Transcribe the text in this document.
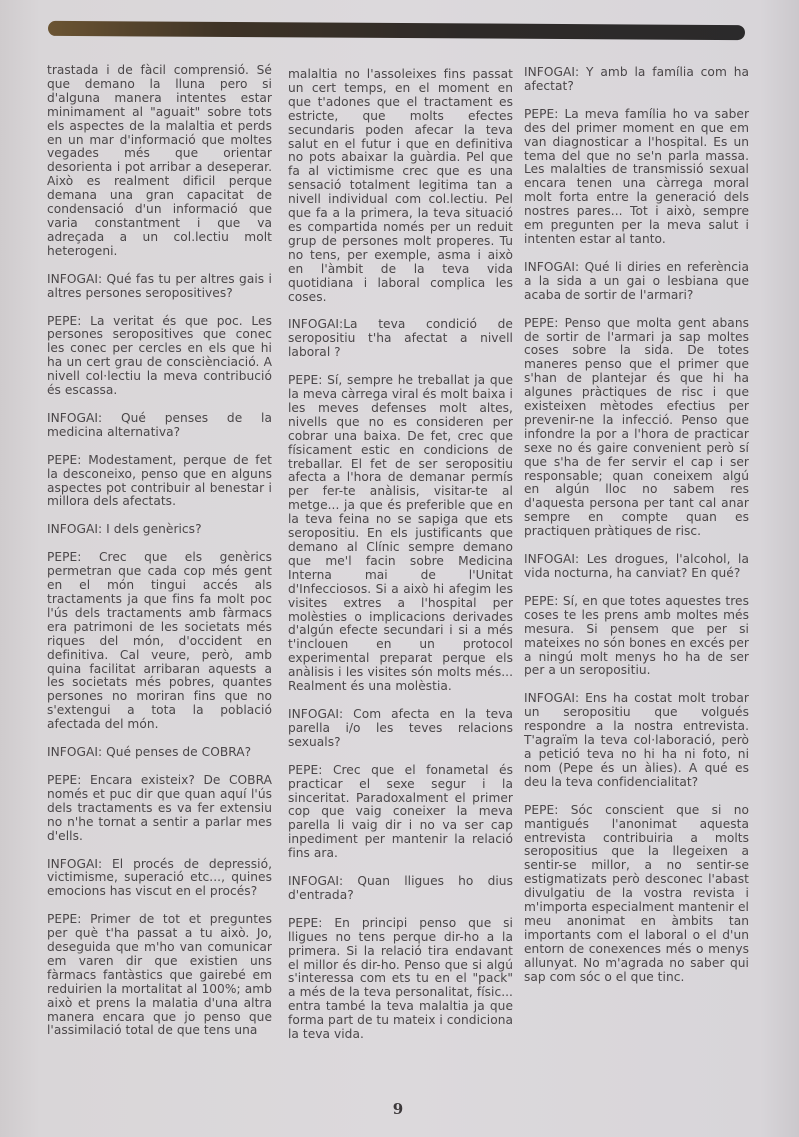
trastada i de fàcil comprensió. Sé que demano la lluna pero si d'alguna manera intentes estar minimament al "aguait" sobre tots els aspectes de la malaltia et perds en un mar d'informació que moltes vegades més que orientar desorienta i pot arribar a deseperar. Això es realment dificil perque demana una gran capacitat de condensació d'un informació que varia constantment i que va adreçada a un col.lectiu molt heterogeni.

INFOGAI: Qué fas tu per altres gais i altres persones seropositives?

PEPE: La veritat és que poc. Les persones seropositives que conec les conec per cercles en els que hi ha un cert grau de consciènciació. A nivell col·lectiu la meva contribució és escassa.

INFOGAI: Qué penses de la medicina alternativa?

PEPE: Modestament, perque de fet la desconeixo, penso que en alguns aspectes pot contribuir al benestar i millora dels afectats.

INFOGAI: I dels genèrics?

PEPE: Crec que els genèrics permetran que cada cop més gent en el món tingui accés als tractaments ja que fins fa molt poc l'ús dels tractaments amb fàrmacs era patrimoni de les societats més riques del món, d'occident en definitiva. Cal veure, però, amb quina facilitat arribaran aquests a les societats més pobres, quantes persones no moriran fins que no s'extengui a tota la població afectada del món.

INFOGAI: Qué penses de COBRA?

PEPE: Encara existeix? De COBRA només et puc dir que quan aquí l'ús dels tractaments es va fer extensiu no n'he tornat a sentir a parlar mes d'ells.

INFOGAI: El procés de depressió, victimisme, superació etc..., quines emocions has viscut en el procés?

PEPE: Primer de tot et preguntes per què t'ha passat a tu això. Jo, deseguida que m'ho van comunicar em varen dir que existien uns fàrmacs fantàstics que gairebé em reduirien la mortalitat al 100%; amb això et prens la malatia d'una altra manera encara que jo penso que l'assimilació total de que tens una

malaltia no l'assoleixes fins passat un cert temps, en el moment en que t'adones que el tractament es estricte, que molts efectes secundaris poden afecar la teva salut en el futur i que en definitiva no pots abaixar la guàrdia. Pel que fa al victimisme crec que es una sensació totalment legitima tan a nivell individual com col.lectiu. Pel que fa a la primera, la teva situació es compartida només per un reduit grup de persones molt properes. Tu no tens, per exemple, asma i això en l'àmbit de la teva vida quotidiana i laboral complica les coses.

INFOGAI:La teva condició de seropositiu t'ha afectat a nivell laboral ?

PEPE: Sí, sempre he treballat ja que la meva càrrega viral és molt baixa i les meves defenses molt altes, nivells que no es consideren per cobrar una baixa. De fet, crec que físicament estic en condicions de treballar. El fet de ser seropositiu afecta a l'hora de demanar permís per fer-te anàlisis, visitar-te al metge... ja que és preferible que en la teva feina no se sapiga que ets seropositiu. En els justificants que demano al Clínic sempre demano que me'l facin sobre Medicina Interna mai de l'Unitat d'Infecciosos. Si a això hi afegim les visites extres a l'hospital per molèsties o implicacions derivades d'algún efecte secundari i si a més t'inclouen en un protocol experimental preparat perque els anàlisis i les visites són molts més... Realment és una molèstia.

INFOGAI: Com afecta en la teva parella i/o les teves relacions sexuals?

PEPE: Crec que el fonametal és practicar el sexe segur i la sinceritat. Paradoxalment el primer cop que vaig coneixer la meva parella li vaig dir i no va ser cap inpediment per mantenir la relació fins ara.

INFOGAI: Quan lligues ho dius d'entrada?

PEPE: En principi penso que si lligues no tens perque dir-ho a la primera. Si la relació tira endavant el millor és dir-ho. Penso que si algú s'interessa com ets tu en el "pack" a més de la teva personalitat, físic... entra també la teva malaltia ja que forma part de tu mateix i condiciona la teva vida.

INFOGAI: Y amb la família com ha afectat?

PEPE: La meva família ho va saber des del primer moment en que em van diagnosticar a l'hospital. Es un tema del que no se'n parla massa. Les malalties de transmissió sexual encara tenen una càrrega moral molt forta entre la generació dels nostres pares... Tot i això, sempre em pregunten per la meva salut i intenten estar al tanto.

INFOGAI: Qué li diries en referència a la sida a un gai o lesbiana que acaba de sortir de l'armari?

PEPE: Penso que molta gent abans de sortir de l'armari ja sap moltes coses sobre la sida. De totes maneres penso que el primer que s'han de plantejar és que hi ha algunes pràctiques de risc i que existeixen mètodes efectius per prevenir-ne la infecció. Penso que infondre la por a l'hora de practicar sexe no és gaire convenient però sí que s'ha de fer servir el cap i ser responsable; quan coneixem algú en algún lloc no sabem res d'aquesta persona per tant cal anar sempre en compte quan es practiquen pràtiques de risc.

INFOGAI: Les drogues, l'alcohol, la vida nocturna, ha canviat? En qué?

PEPE: Sí, en que totes aquestes tres coses te les prens amb moltes més mesura. Si pensem que per si mateixes no són bones en excés per a ningú molt menys ho ha de ser per a un seropositiu.

INFOGAI: Ens ha costat molt trobar un seropositiu que volgués respondre a la nostra entrevista. T'agraïm la teva col·laboració, però a petició teva no hi ha ni foto, ni nom (Pepe és un àlies). A qué es deu la teva confidencialitat?

PEPE: Sóc conscient que si no mantigués l'anonimat aquesta entrevista contribuiria a molts seropositius que la llegeixen a sentir-se millor, a no sentir-se estigmatizats però desconec l'abast divulgatiu de la vostra revista i m'importa especialment mantenir el meu anonimat en àmbits tan importants com el laboral o el d'un entorn de conexences més o menys allunyat. No m'agrada no saber qui sap com sóc o el que tinc.

9
